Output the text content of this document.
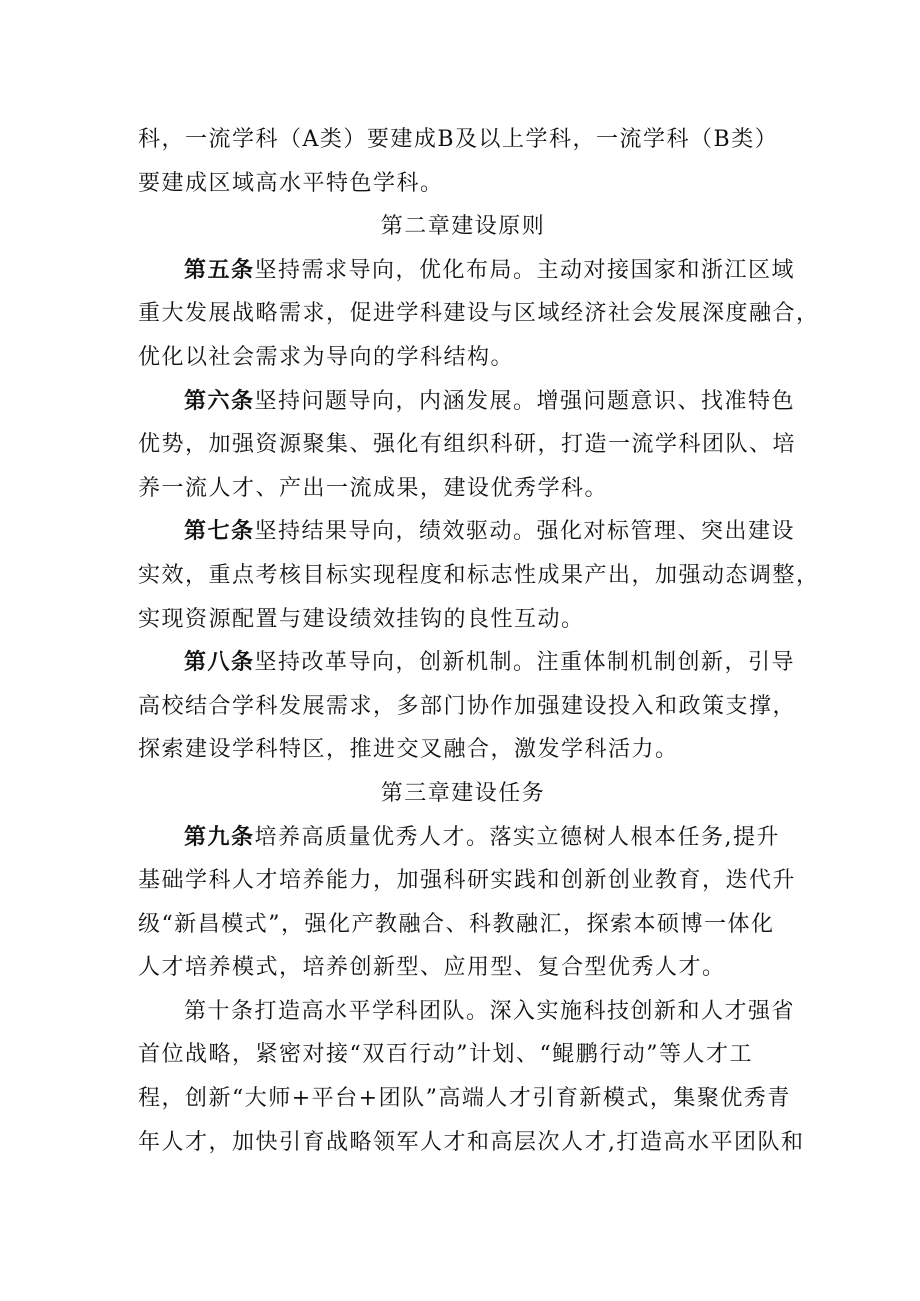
科，一流学科（A类）要建成B及以上学科，一流学科（B类）

要建成区域高水平特色学科。

第二章建设原则

第五条坚持需求导向，优化布局。主动对接国家和浙江区域

重大发展战略需求，促进学科建设与区域经济社会发展深度融合，

优化以社会需求为导向的学科结构。

第六条坚持问题导向，内涵发展。增强问题意识、找准特色

优势，加强资源聚集、强化有组织科研，打造一流学科团队、培

养一流人才、产出一流成果，建设优秀学科。

第七条坚持结果导向，绩效驱动。强化对标管理、突出建设

实效，重点考核目标实现程度和标志性成果产出，加强动态调整，

实现资源配置与建设绩效挂钩的良性互动。

第八条坚持改革导向，创新机制。注重体制机制创新，引导

高校结合学科发展需求，多部门协作加强建设投入和政策支撑，

探索建设学科特区，推进交叉融合，激发学科活力。

第三章建设任务

第九条培养高质量优秀人才。落实立德树人根本任务,提升

基础学科人才培养能力，加强科研实践和创新创业教育，迭代升

级“新昌模式”，强化产教融合、科教融汇，探索本硕博一体化

人才培养模式，培养创新型、应用型、复合型优秀人才。

第十条打造高水平学科团队。深入实施科技创新和人才强省

首位战略，紧密对接“双百行动”计划、“鲲鹏行动”等人才工

程，创新“大师+平台+团队”高端人才引育新模式，集聚优秀青

年人才，加快引育战略领军人才和高层次人才,打造高水平团队和
